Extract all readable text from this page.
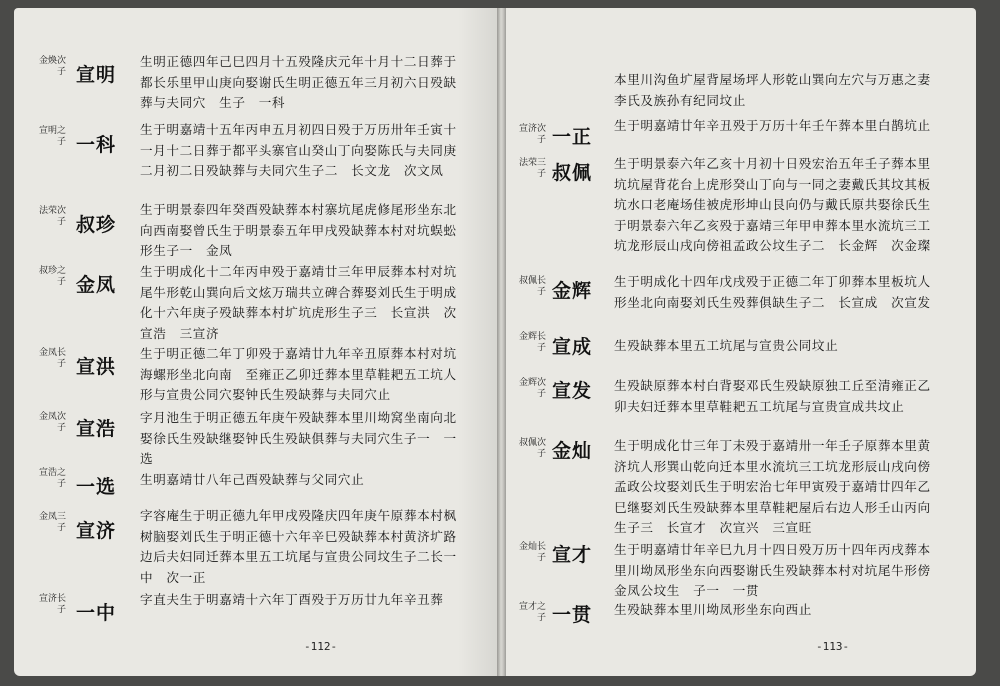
金煥次子 宣明
生明正德四年己巳四月十五殁隆庆元年十月十二日葬于都长乐里甲山庚向娶谢氏生明正德五年三月初六日殁缺葬与夫同穴　生子　一科
宣明之子 一科
生于明嘉靖十五年丙申五月初四日殁于万历卅年壬寅十一月十二日葬于都平头寨官山癸山丁向娶陈氏与夫同庚二月初二日殁缺葬与夫同穴生子二　长文龙　次文凤
法荣次子 叔珍
生于明景泰四年癸酉殁缺葬本村寨坑尾虎修尾形坐东北向西南娶曾氏生于明景泰五年甲戌殁缺葬本村对坑蜈蚣形生子一　金凤
叔珍之子 金凤
生于明成化十二年丙申殁于嘉靖廿三年甲辰葬本村对坑尾牛形乾山巽向后文炫万瑞共立碑合葬娶刘氏生于明成化十六年庚子殁缺葬本村圹坑虎形生子三　长宣洪　次宣浩　三宣济
金凤长子 宣洪
生于明正德二年丁卯殁于嘉靖廿九年辛丑原葬本村对坑海螺形坐北向南　至雍正乙卯迁葬本里草鞋耙五工坑人形与宣贵公同穴娶钟氏生殁缺葬与夫同穴止
金凤次子 宣浩
字月池生于明正德五年庚午殁缺葬本里川坳窝坐南向北娶徐氏生殁缺继娶钟氏生殁缺俱葬与夫同穴生子一　一选
宣浩之子 一选 生明嘉靖廿八年己酉殁缺葬与父同穴止
金凤三子 宣济
字容庵生于明正德九年甲戌殁隆庆四年庚午原葬本村枫树脑娶刘氏生于明正德十六年辛巳殁缺葬本村黄济圹路边后夫妇同迁葬本里五工坑尾与宣贵公同坟生子二长一中　次一正
宣济长子 一中
字直夫生于明嘉靖十六年丁酉殁于万历廿九年辛丑葬
-112-
本里川沟鱼圹屋背屋场坪人形乾山巽向左穴与万惠之妻李氏及族孙有纪同坟止
宣济次子 一正
生于明嘉靖廿年辛丑殁于万历十年壬午葬本里白鹊坑止
法荣三子 叔佩 生于明景泰六年乙亥十月初十日殁宏治五年壬子葬本里坑坑屋背花台上虎形癸山丁向与一同之妻戴氏其坟其板坑水口老庵场佳被虎形坤山艮向仍与戴氏原共娶徐氏生于明景泰六年乙亥殁于嘉靖三年甲申葬本里水流坑三工坑龙形辰山戌向傍祖孟政公坟生子二　长金辉　次金璨
叔佩长子 金辉 生于明成化十四年戊戌殁于正德二年丁卯葬本里板坑人形坐北向南娶刘氏生殁葬俱缺生子二　长宣成　次宣发
金辉长子 宣成 生殁缺葬本里五工坑尾与宣贵公同坟止
金辉次子 宣发 生殁缺原葬本村白背娶邓氏生殁缺原独工丘至清雍正乙卯夫妇迁葬本里草鞋耙五工坑尾与宣贵宣成共坟止
叔佩次子 金灿 生于明成化廿三年丁未殁于嘉靖卅一年壬子原葬本里黄济坑人形巽山乾向迁本里水流坑三工坑龙形辰山戌向傍孟政公坟娶刘氏生于明宏治七年甲寅殁于嘉靖廿四年乙巳继娶刘氏生殁缺葬本里草鞋耙屋后右边人形壬山丙向生子三　长宣才　次宣兴　三宣旺
金灿长子 宣才 生于明嘉靖廿年辛巳九月十四日殁万历十四年丙戌葬本里川坳凤形坐东向西娶谢氏生殁缺葬本村对坑尾牛形傍金凤公坟生　子一　一贯
宣才之子 一贯 生殁缺葬本里川坳凤形坐东向西止
-113-
